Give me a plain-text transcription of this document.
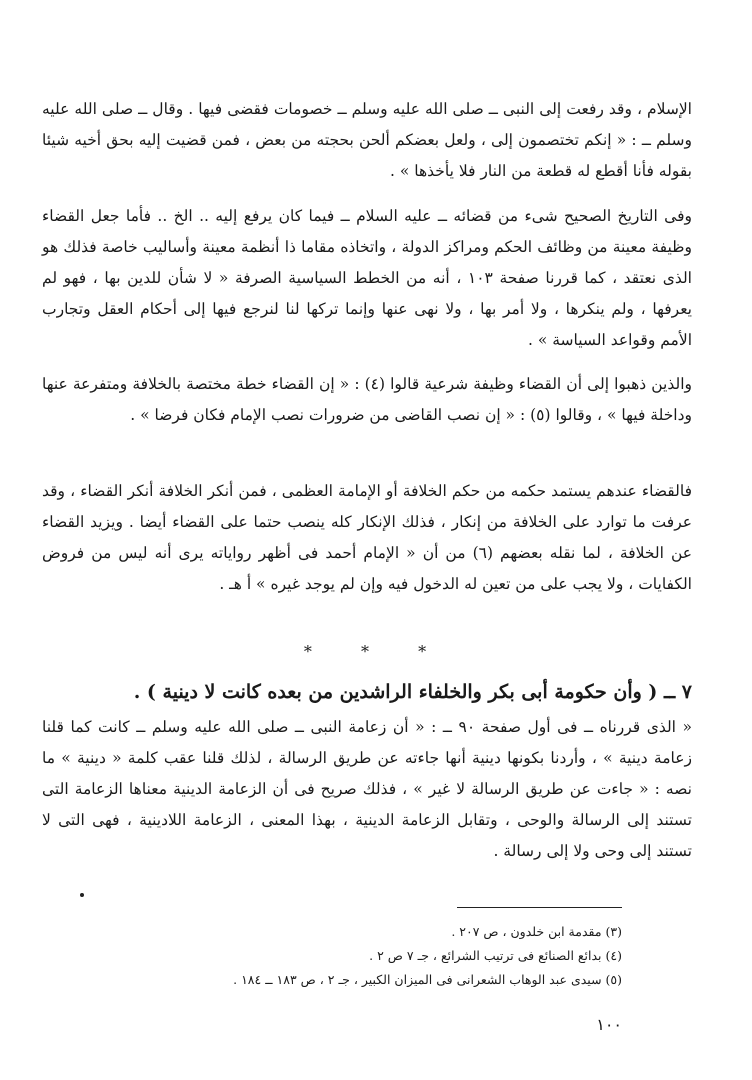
الإسلام ، وقد رفعت إلى النبى ــ صلى الله عليه وسلم ــ خصومات فقضى فيها . وقال ــ صلى الله عليه وسلم ــ : « إنكم تختصمون إلى ، ولعل بعضكم ألحن بحجته من بعض ، فمن قضيت إليه بحق أخيه شيئا بقوله فأنا أقطع له قطعة من النار فلا يأخذها » .

وفى التاريخ الصحيح شىء من قضائه ــ عليه السلام ــ فيما كان يرفع إليه .. الخ .. فأما جعل القضاء وظيفة معينة من وظائف الحكم ومراكز الدولة ، واتخاذه مقاما ذا أنظمة معينة وأساليب خاصة فذلك هو الذى نعتقد ، كما قررنا صفحة ١٠٣ ، أنه من الخطط السياسية الصرفة « لا شأن للدين بها ، فهو لم يعرفها ، ولم ينكرها ، ولا أمر بها ، ولا نهى عنها وإنما تركها لنا لنرجع فيها إلى أحكام العقل وتجارب الأمم وقواعد السياسة » .

والذين ذهبوا إلى أن القضاء وظيفة شرعية قالوا (٤) : « إن القضاء خطة مختصة بالخلافة ومتفرعة عنها وداخلة فيها » ، وقالوا (٥) : « إن نصب القاضى من ضرورات نصب الإمام فكان فرضا » .

فالقضاء عندهم يستمد حكمه من حكم الخلافة أو الإمامة العظمى ، فمن أنكر الخلافة أنكر القضاء ، وقد عرفت ما توارد على الخلافة من إنكار ، فذلك الإنكار كله ينصب حتما على القضاء أيضا . ويزيد القضاء عن الخلافة ، لما نقله بعضهم (٦) من أن « الإمام أحمد فى أظهر رواياته يرى أنه ليس من فروض الكفايات ، ولا يجب على من تعين له الدخول فيه وإن لم يوجد غيره » أ هـ .

* * *
٧ ــ ( وأن حكومة أبى بكر والخلفاء الراشدين من بعده كانت لا دينية ) .

« الذى قررناه ــ فى أول صفحة ٩٠ ــ : « أن زعامة النبى ــ صلى الله عليه وسلم ــ كانت كما قلنا زعامة دينية » ، وأردنا بكونها دينية أنها جاءته عن طريق الرسالة ، لذلك قلنا عقب كلمة « دينية » ما نصه : « جاءت عن طريق الرسالة لا غير » ، فذلك صريح فى أن الزعامة الدينية معناها الزعامة التى تستند إلى الرسالة والوحى ، وتقابل الزعامة الدينية ، بهذا المعنى ، الزعامة اللادينية ، فهى التى لا تستند إلى وحى ولا إلى رسالة .

(٣) مقدمة ابن خلدون ، ص ٢٠٧ .
(٤) بدائع الصنائع فى ترتيب الشرائع ، جـ ٧ ص ٢ .
(٥) سيدى عبد الوهاب الشعرانى فى الميزان الكبير ، جـ ٢ ، ص ١٨٣ ــ ١٨٤ .
١٠٠
